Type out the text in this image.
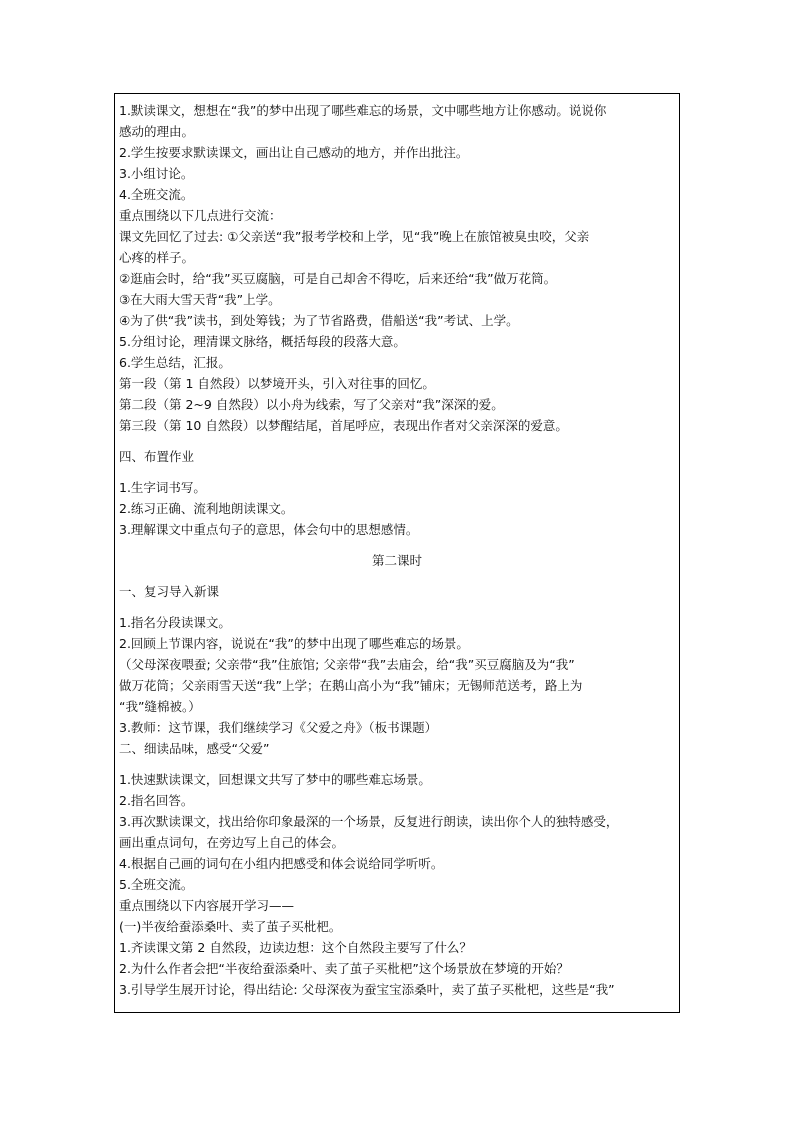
1.默读课文，想想在“我”的梦中出现了哪些难忘的场景，文中哪些地方让你感动。说说你
感动的理由。
2.学生按要求默读课文，画出让自己感动的地方，并作出批注。
3.小组讨论。
4.全班交流。
重点围绕以下几点进行交流：
课文先回忆了过去: ①父亲送“我”报考学校和上学，见“我”晚上在旅馆被臭虫咬，父亲
心疼的样子。
②逛庙会时，给“我”买豆腐脑，可是自己却舍不得吃，后来还给“我”做万花筒。
③在大雨大雪天背“我”上学。
④为了供“我”读书，到处筹钱；为了节省路费，借船送“我”考试、上学。
5.分组讨论，理清课文脉络，概括每段的段落大意。
6.学生总结，汇报。
第一段（第 1 自然段）以梦境开头，引入对往事的回忆。
第二段（第 2~9 自然段）以小舟为线索，写了父亲对“我”深深的爱。
第三段（第 10 自然段）以梦醒结尾，首尾呼应，表现出作者对父亲深深的爱意。
四、布置作业
1.生字词书写。
2.练习正确、流利地朗读课文。
3.理解课文中重点句子的意思，体会句中的思想感情。
第二课时
一、复习导入新课
1.指名分段读课文。
2.回顾上节课内容，说说在“我”的梦中出现了哪些难忘的场景。
（父母深夜喂蚕; 父亲带“我”住旅馆; 父亲带“我”去庙会，给“我”买豆腐脑及为“我”
做万花筒；父亲雨雪天送“我”上学；在鹅山高小为“我”铺床；无锡师范送考，路上为
“我”缝棉被。）
3.教师：这节课，我们继续学习《父爱之舟》（板书课题）
二、细读品味，感受“父爱”
1.快速默读课文，回想课文共写了梦中的哪些难忘场景。
2.指名回答。
3.再次默读课文，找出给你印象最深的一个场景，反复进行朗读，读出你个人的独特感受，
画出重点词句，在旁边写上自己的体会。
4.根据自己画的词句在小组内把感受和体会说给同学听听。
5.全班交流。
重点围绕以下内容展开学习——
(一)半夜给蚕添桑叶、卖了茧子买枇杷。
1.齐读课文第 2 自然段，边读边想：这个自然段主要写了什么？
2.为什么作者会把“半夜给蚕添桑叶、卖了茧子买枇杷”这个场景放在梦境的开始？
3.引导学生展开讨论，得出结论: 父母深夜为蚕宝宝添桑叶，卖了茧子买枇杷，这些是“我”
